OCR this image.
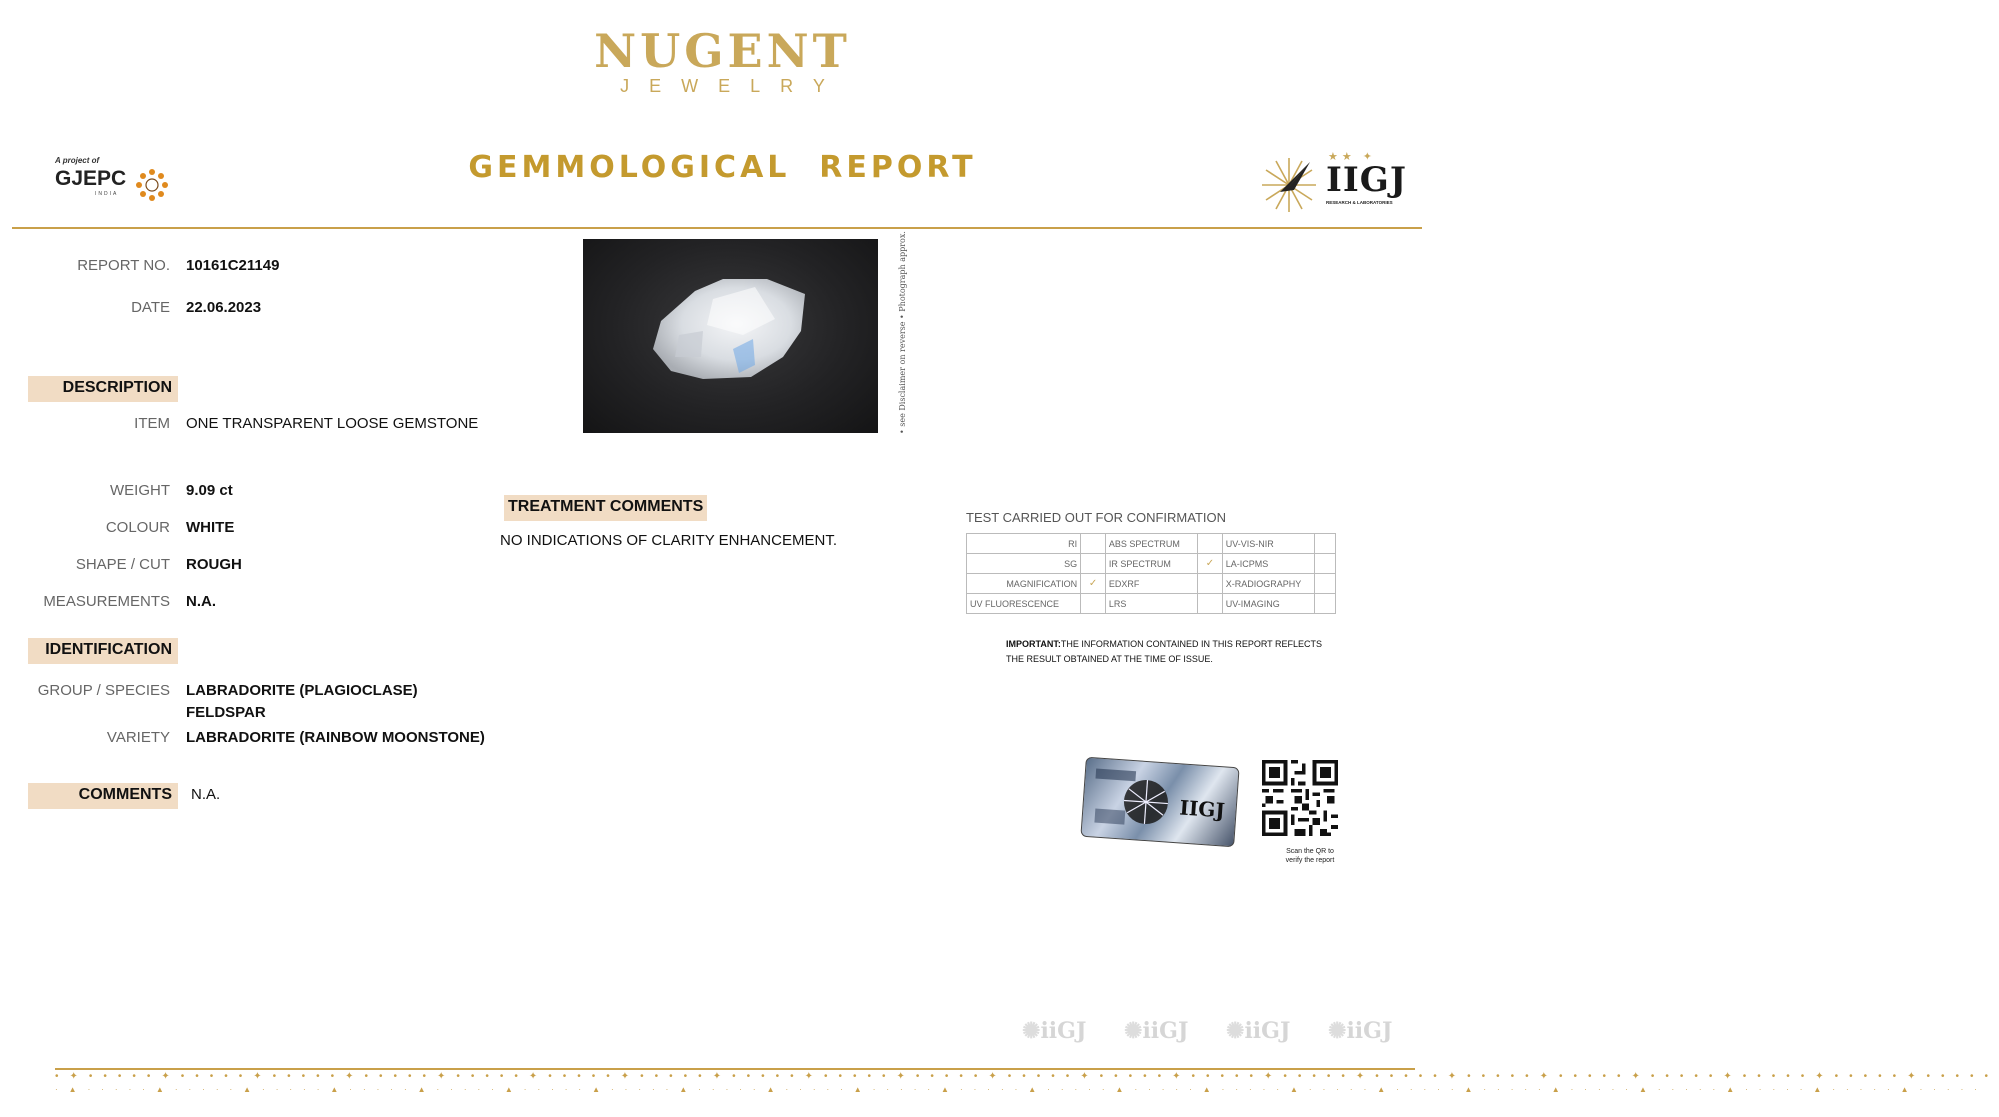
NUGENT
JEWELRY
A project of
GJEPC
INDIA
GEMMOLOGICAL  REPORT	★★ ✦
IIGJ
RESEARCH & LABORATORIES
REPORT NO. 10161C21149
DATE 22.06.2023
DESCRIPTION
ITEM ONE TRANSPARENT LOOSE GEMSTONE
WEIGHT 9.09 ct
COLOUR WHITE
SHAPE / CUT ROUGH
MEASUREMENTS N.A.
IDENTIFICATION
GROUP / SPECIES LABRADORITE (PLAGIOCLASE)
FELDSPAR
VARIETY LABRADORITE (RAINBOW MOONSTONE)
COMMENTS	N.A.
• see Disclaimer on reverse • Photograph approx.
TREATMENT COMMENTS
NO INDICATIONS OF CLARITY ENHANCEMENT.
TEST CARRIED OUT FOR CONFIRMATION
RI		ABS SPECTRUM		UV-VIS-NIR	
SG		IR SPECTRUM	✓	LA-ICPMS	
MAGNIFICATION	✓	EDXRF		X-RADIOGRAPHY	
UV FLUORESCENCE		LRS		UV-IMAGING	
IMPORTANT:THE INFORMATION CONTAINED IN THIS REPORT REFLECTS THE RESULT OBTAINED AT THE TIME OF ISSUE.
IIGJ
Scan the QR to
verify the report
✺iiGJ ✺iiGJ ✺iiGJ ✺iiGJ
•✦•••••✦•••••✦•••••✦•••••✦•••••✦•••••✦•••••✦•••••✦•••••✦•••••✦•••••✦•••••✦•••••✦•••••✦•••••✦•••••✦•••••✦•••••✦•••••✦•••••✦•••••
·▲·····▲·····▲·····▲·····▲·····▲·····▲·····▲·····▲·····▲·····▲·····▲·····▲·····▲·····▲·····▲·····▲·····▲·····▲·····▲·····▲·····▲·····
